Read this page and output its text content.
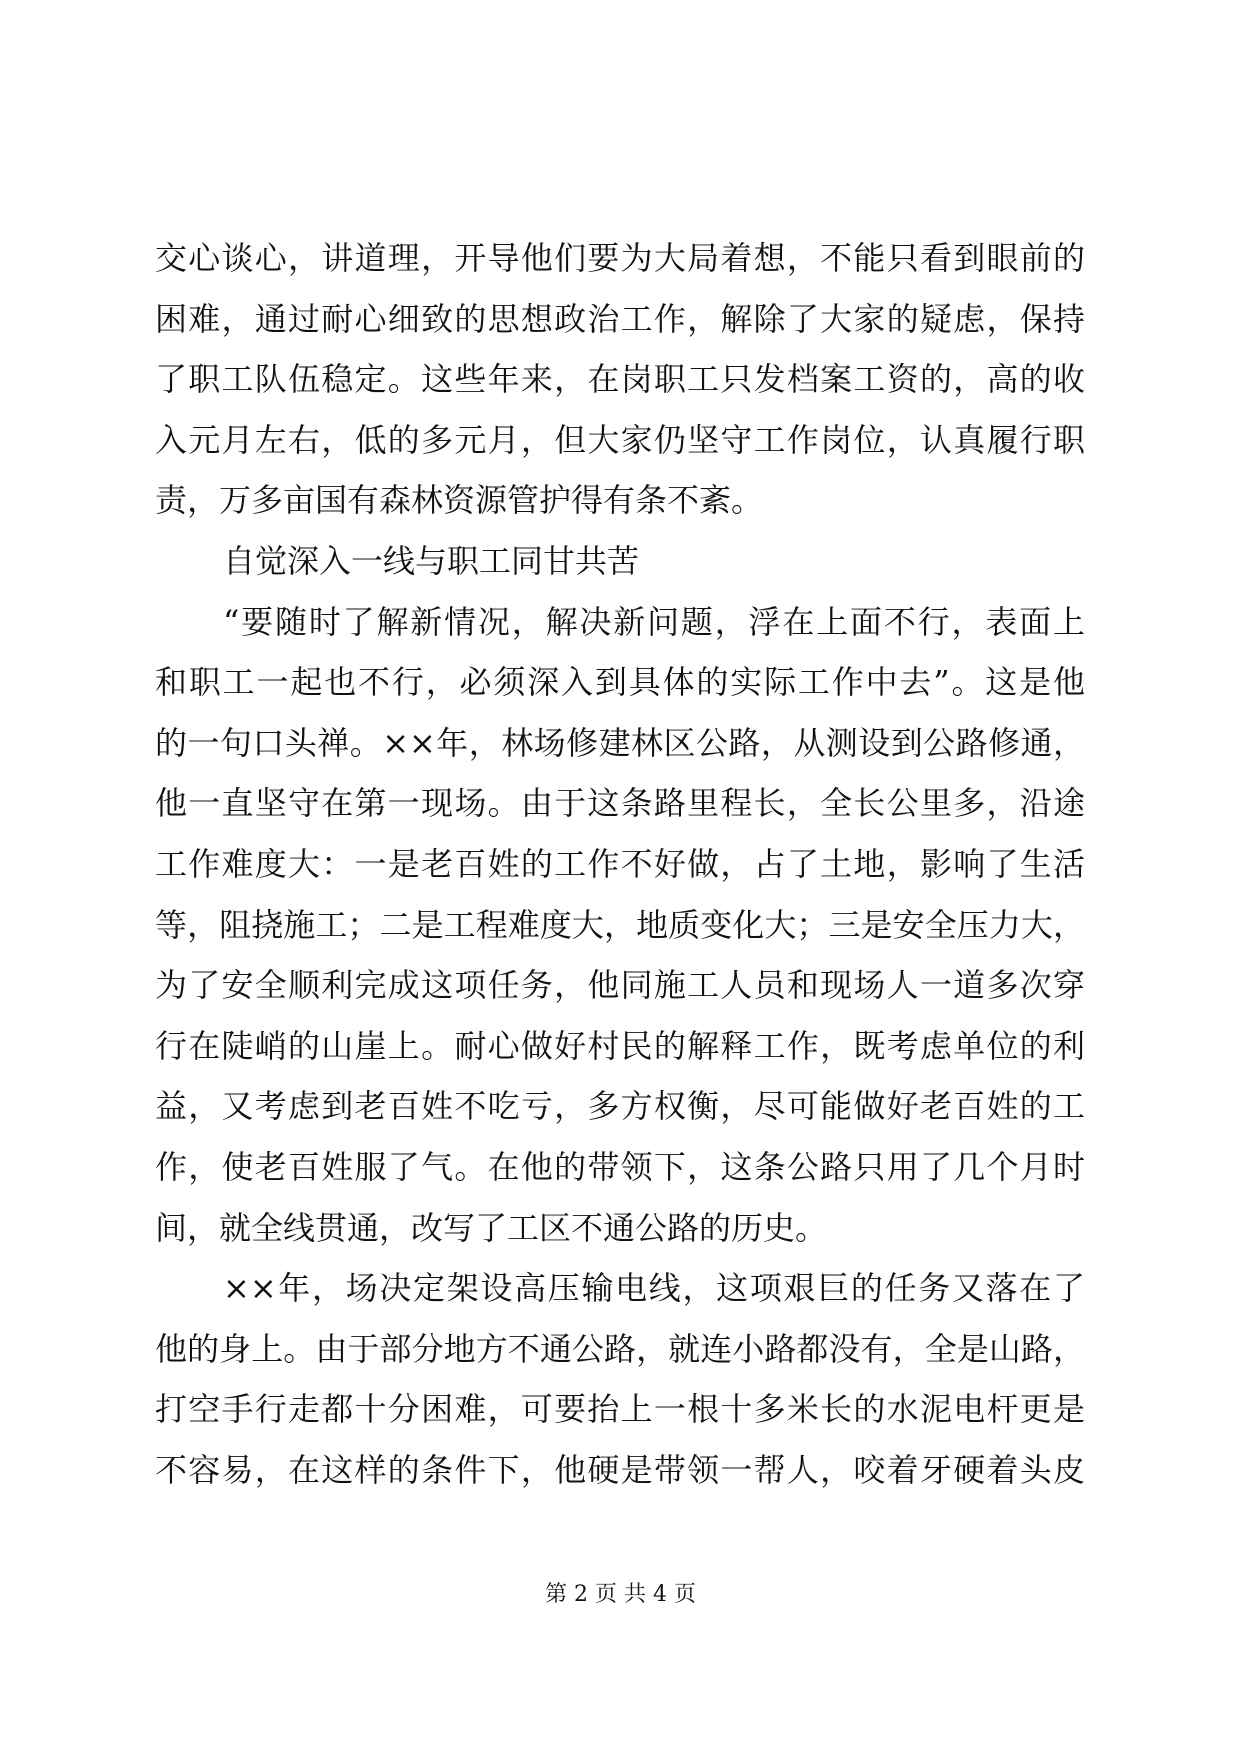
交心谈心，讲道理，开导他们要为大局着想，不能只看到眼前的
困难，通过耐心细致的思想政治工作，解除了大家的疑虑，保持
了职工队伍稳定。这些年来，在岗职工只发档案工资的，高的收
入元月左右，低的多元月，但大家仍坚守工作岗位，认真履行职
责，万多亩国有森林资源管护得有条不紊。
自觉深入一线与职工同甘共苦
“要随时了解新情况，解决新问题，浮在上面不行，表面上
和职工一起也不行，必须深入到具体的实际工作中去”。这是他
的一句口头禅。××年，林场修建林区公路，从测设到公路修通，
他一直坚守在第一现场。由于这条路里程长，全长公里多，沿途
工作难度大：一是老百姓的工作不好做，占了土地，影响了生活
等，阻挠施工；二是工程难度大，地质变化大；三是安全压力大，
为了安全顺利完成这项任务，他同施工人员和现场人一道多次穿
行在陡峭的山崖上。耐心做好村民的解释工作，既考虑单位的利
益，又考虑到老百姓不吃亏，多方权衡，尽可能做好老百姓的工
作，使老百姓服了气。在他的带领下，这条公路只用了几个月时
间，就全线贯通，改写了工区不通公路的历史。
××年，场决定架设高压输电线，这项艰巨的任务又落在了
他的身上。由于部分地方不通公路，就连小路都没有，全是山路，
打空手行走都十分困难，可要抬上一根十多米长的水泥电杆更是
不容易，在这样的条件下，他硬是带领一帮人，咬着牙硬着头皮
第 2 页 共 4 页
